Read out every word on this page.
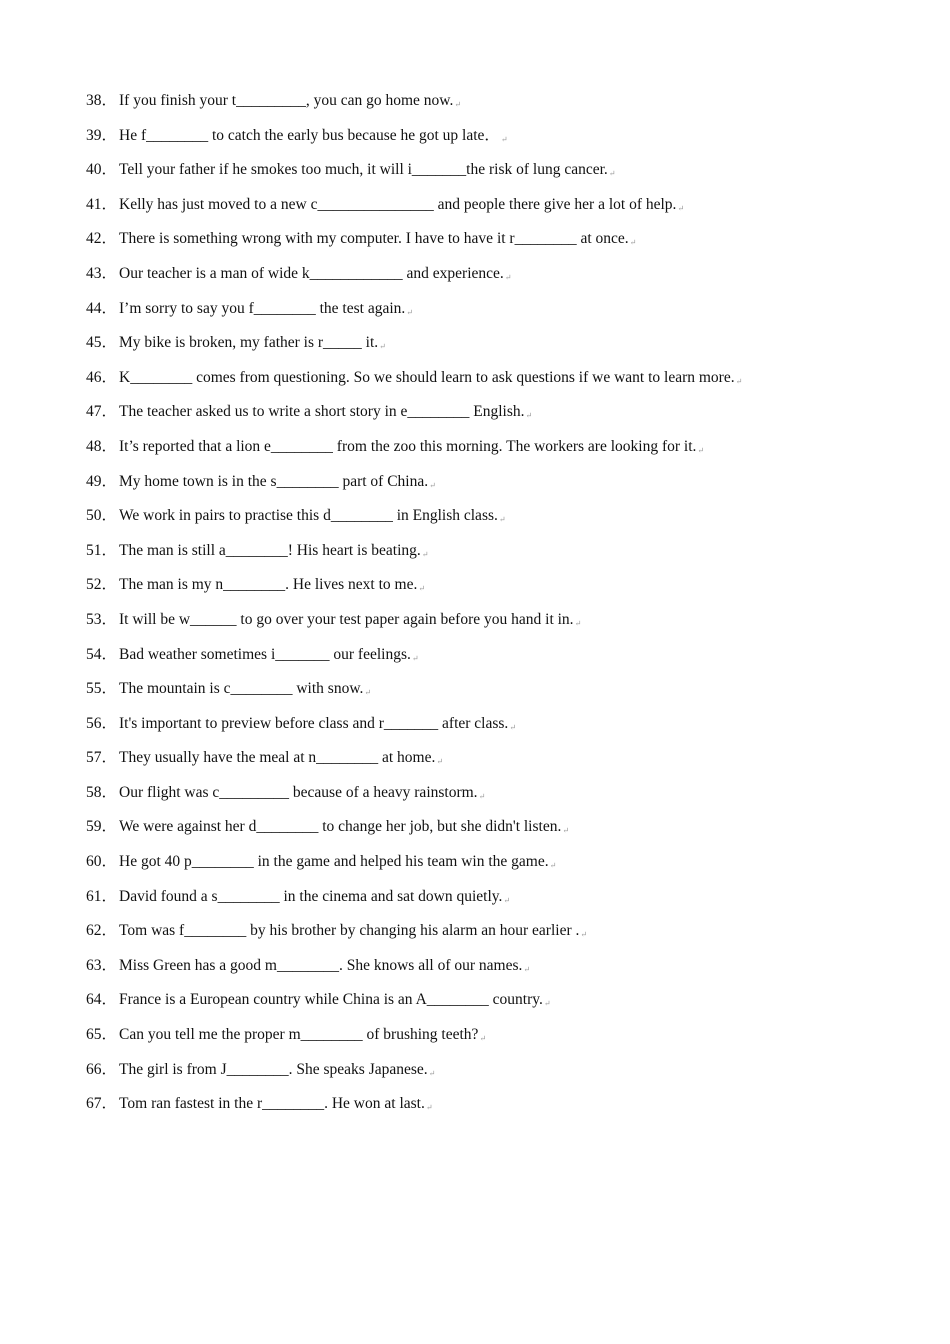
38． If you finish your t_________, you can go home now.↵
39． He f________ to catch the early bus because he got up late．↵
40． Tell your father if he smokes too much, it will i_______the risk of lung cancer.↵
41． Kelly has just moved to a new c_______________ and people there give her a lot of help.↵
42． There is something wrong with my computer. I have to have it r________ at once.↵
43． Our teacher is a man of wide k____________ and experience.↵
44． I’m sorry to say you f________ the test again.↵
45． My bike is broken, my father is r_____ it.↵
46． K________ comes from questioning. So we should learn to ask questions if we want to learn more.↵
47． The teacher asked us to write a short story in e________ English.↵
48． It’s reported that a lion e________ from the zoo this morning. The workers are looking for it.↵
49． My home town is in the s________ part of China.↵
50． We work in pairs to practise this d________ in English class.↵
51． The man is still a________! His heart is beating.↵
52． The man is my n________. He lives next to me.↵
53． It will be w______ to go over your test paper again before you hand it in.↵
54． Bad weather sometimes i_______ our feelings.↵
55． The mountain is c________ with snow.↵
56． It's important to preview before class and r_______ after class.↵
57． They usually have the meal at n________ at home.↵
58． Our flight was c_________ because of a heavy rainstorm.↵
59． We were against her d________ to change her job, but she didn't listen.↵
60． He got 40 p________ in the game and helped his team win the game.↵
61． David found a s________ in the cinema and sat down quietly.↵
62． Tom was f________ by his brother by changing his alarm an hour earlier .↵
63． Miss Green has a good m________. She knows all of our names.↵
64． France is a European country while China is an A________ country.↵
65． Can you tell me the proper m________ of brushing teeth?↵
66． The girl is from J________. She speaks Japanese.↵
67． Tom ran fastest in the r________. He won at last.↵
